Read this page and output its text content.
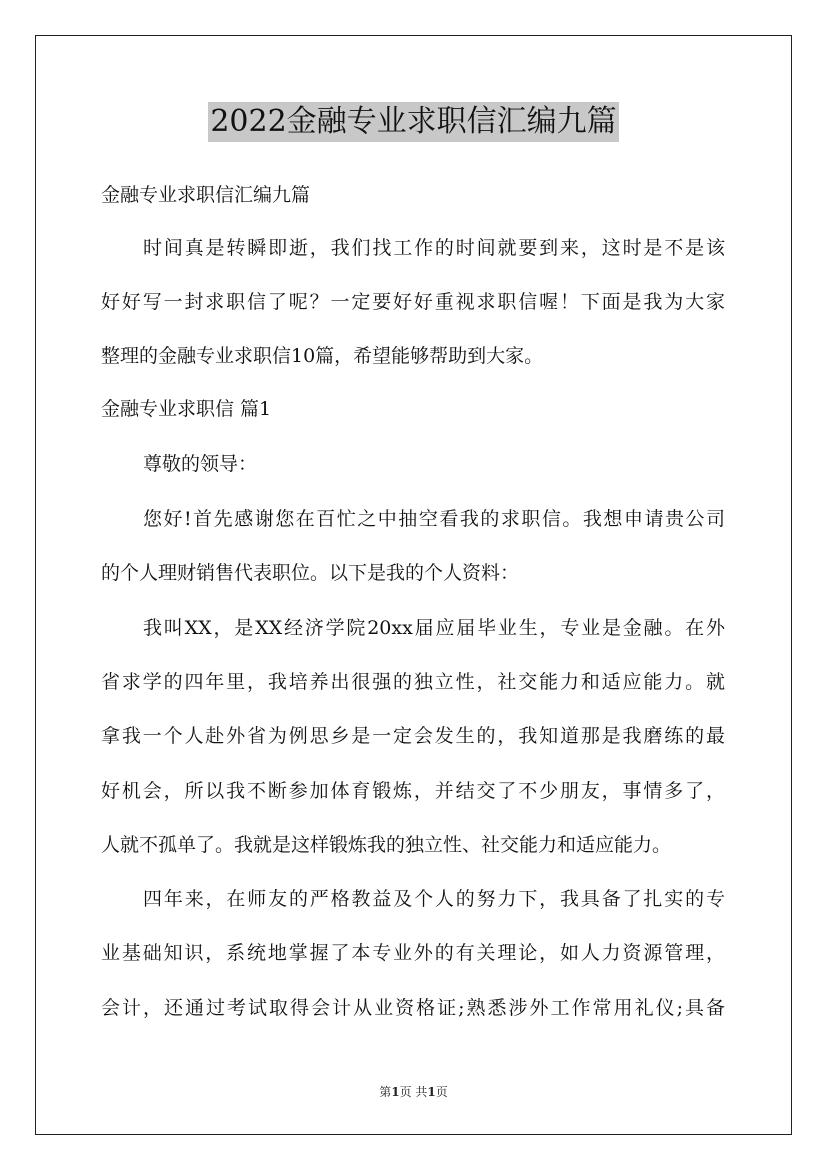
2022金融专业求职信汇编九篇
金融专业求职信汇编九篇
时间真是转瞬即逝，我们找工作的时间就要到来，这时是不是该
好好写一封求职信了呢？一定要好好重视求职信喔！下面是我为大家
整理的金融专业求职信10篇，希望能够帮助到大家。
金融专业求职信 篇1
尊敬的领导：
您好!首先感谢您在百忙之中抽空看我的求职信。我想申请贵公司
的个人理财销售代表职位。以下是我的个人资料：
我叫XX，是XX经济学院20xx届应届毕业生，专业是金融。在外
省求学的四年里，我培养出很强的独立性，社交能力和适应能力。就
拿我一个人赴外省为例思乡是一定会发生的，我知道那是我磨练的最
好机会，所以我不断参加体育锻炼，并结交了不少朋友，事情多了，
人就不孤单了。我就是这样锻炼我的独立性、社交能力和适应能力。
四年来，在师友的严格教益及个人的努力下，我具备了扎实的专
业基础知识，系统地掌握了本专业外的有关理论，如人力资源管理，
会计，还通过考试取得会计从业资格证;熟悉涉外工作常用礼仪;具备
第1页 共1页
